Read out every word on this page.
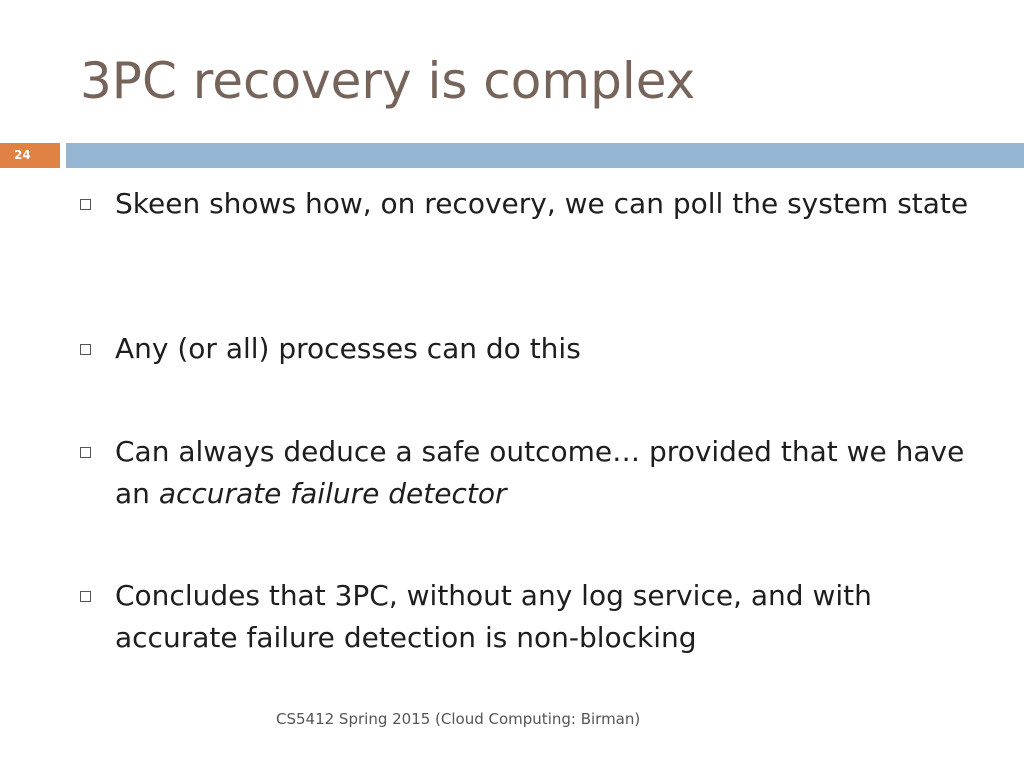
3PC recovery is complex
24
Skeen shows how, on recovery, we can poll the system state
Any (or all) processes can do this
Can always deduce a safe outcome… provided that we have an accurate failure detector
Concludes that 3PC, without any log service, and with accurate failure detection is non-blocking
CS5412 Spring 2015 (Cloud Computing: Birman)
